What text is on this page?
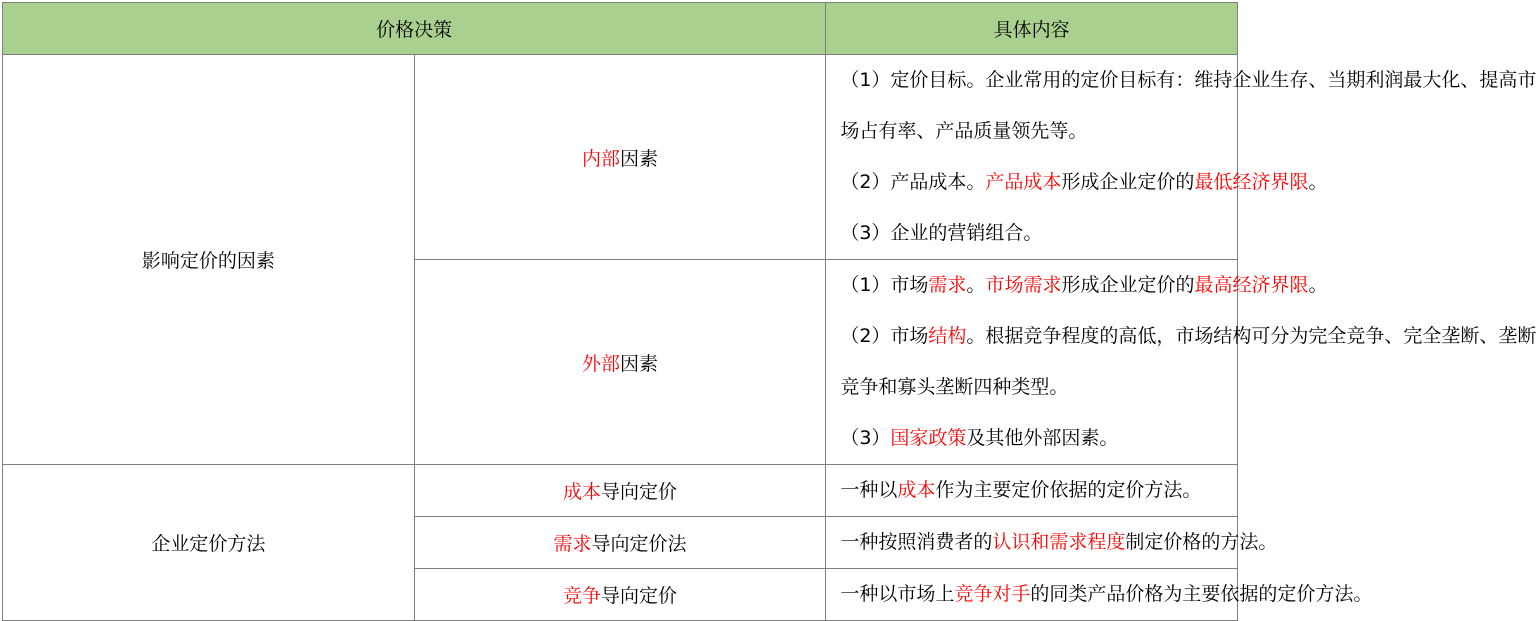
价格决策		具体内容
影响定价的因素	内部因素	（1）定价目标。企业常用的定价目标有：维持企业生存、当期利润最大化、提高市
场占有率、产品质量领先等。
（2）产品成本。产品成本形成企业定价的最低经济界限。
（3）企业的营销组合。

	外部因素	（1）市场需求。市场需求形成企业定价的最高经济界限。
（2）市场结构。根据竞争程度的高低，市场结构可分为完全竞争、完全垄断、垄断
竞争和寡头垄断四种类型。
（3）国家政策及其他外部因素。

企业定价方法	成本导向定价	一种以成本作为主要定价依据的定价方法。

	需求导向定价法	一种按照消费者的认识和需求程度制定价格的方法。

	竞争导向定价	一种以市场上竞争对手的同类产品价格为主要依据的定价方法。
